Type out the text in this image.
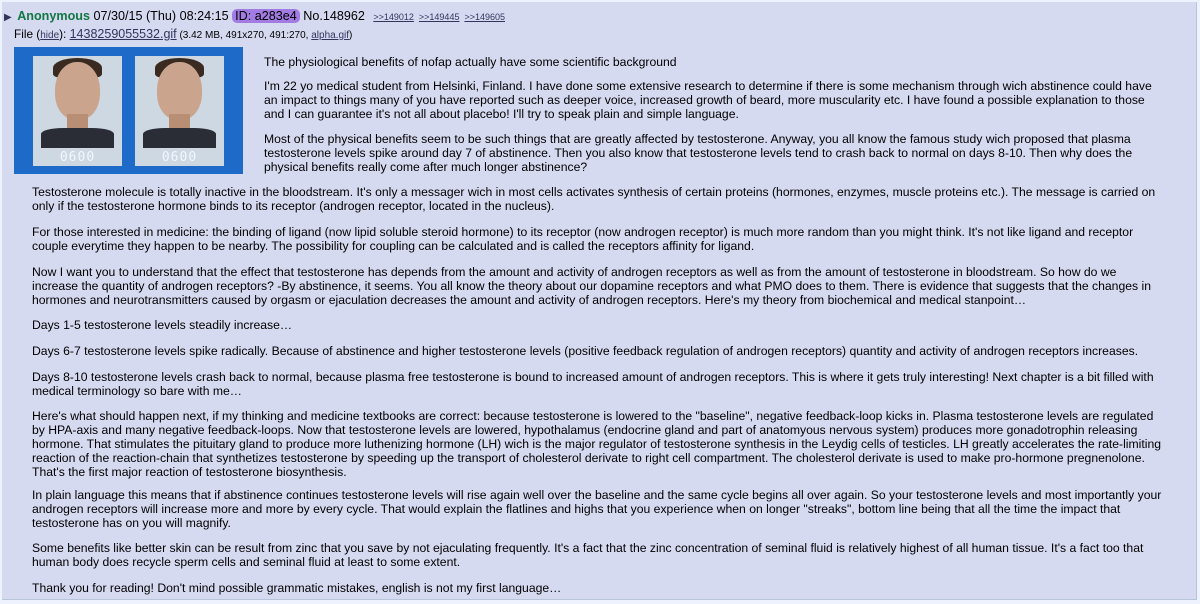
▶ Anonymous 07/30/15 (Thu) 08:24:15 ID: a283e4 No.148962 >>149012 >>149445 >>149605
File (hide): 1438259055532.gif (3.42 MB, 491x270, 491:270, alpha.gif)
0600	0600

The physiological benefits of nofap actually have some scientific background

I'm 22 yo medical student from Helsinki, Finland. I have done some extensive research to determine if there is some mechanism through wich abstinence could have an impact to things many of you have reported such as deeper voice, increased growth of beard, more muscularity etc. I have found a possible explanation to those and I can guarantee it's not all about placebo! I'll try to speak plain and simple language.

Most of the physical benefits seem to be such things that are greatly affected by testosterone. Anyway, you all know the famous study wich proposed that plasma testosterone levels spike around day 7 of abstinence. Then you also know that testosterone levels tend to crash back to normal on days 8-10. Then why does the physical benefits really come after much longer abstinence?

Testosterone molecule is totally inactive in the bloodstream. It's only a messager wich in most cells activates synthesis of certain proteins (hormones, enzymes, muscle proteins etc.). The message is carried on only if the testosterone hormone binds to its receptor (androgen receptor, located in the nucleus).

For those interested in medicine: the binding of ligand (now lipid soluble steroid hormone) to its receptor (now androgen receptor) is much more random than you might think. It's not like ligand and receptor couple everytime they happen to be nearby. The possibility for coupling can be calculated and is called the receptors affinity for ligand.

Now I want you to understand that the effect that testosterone has depends from the amount and activity of androgen receptors as well as from the amount of testosterone in bloodstream. So how do we increase the quantity of androgen receptors? -By abstinence, it seems. You all know the theory about our dopamine receptors and what PMO does to them. There is evidence that suggests that the changes in hormones and neurotransmitters caused by orgasm or ejaculation decreases the amount and activity of androgen receptors. Here's my theory from biochemical and medical stanpoint…

Days 1-5 testosterone levels steadily increase…

Days 6-7 testosterone levels spike radically. Because of abstinence and higher testosterone levels (positive feedback regulation of androgen receptors) quantity and activity of androgen receptors increases.

Days 8-10 testosterone levels crash back to normal, because plasma free testosterone is bound to increased amount of androgen receptors. This is where it gets truly interesting! Next chapter is a bit filled with medical terminology so bare with me…

Here's what should happen next, if my thinking and medicine textbooks are correct: because testosterone is lowered to the "baseline", negative feedback-loop kicks in. Plasma testosterone levels are regulated by HPA-axis and many negative feedback-loops. Now that testosterone levels are lowered, hypothalamus (endocrine gland and part of anatomyous nervous system) produces more gonadotrophin releasing hormone. That stimulates the pituitary gland to produce more luthenizing hormone (LH) wich is the major regulator of testosterone synthesis in the Leydig cells of testicles. LH greatly accelerates the rate-limiting reaction of the reaction-chain that synthetizes testosterone by speeding up the transport of cholesterol derivate to right cell compartment. The cholesterol derivate is used to make pro-hormone pregnenolone. That's the first major reaction of testosterone biosynthesis.

In plain language this means that if abstinence continues testosterone levels will rise again well over the baseline and the same cycle begins all over again. So your testosterone levels and most importantly your androgen receptors will increase more and more by every cycle. That would explain the flatlines and highs that you experience when on longer "streaks", bottom line being that all the time the impact that testosterone has on you will magnify.

Some benefits like better skin can be result from zinc that you save by not ejaculating frequently. It's a fact that the zinc concentration of seminal fluid is relatively highest of all human tissue. It's a fact too that human body does recycle sperm cells and seminal fluid at least to some extent.

Thank you for reading! Don't mind possible grammatic mistakes, english is not my first language…
